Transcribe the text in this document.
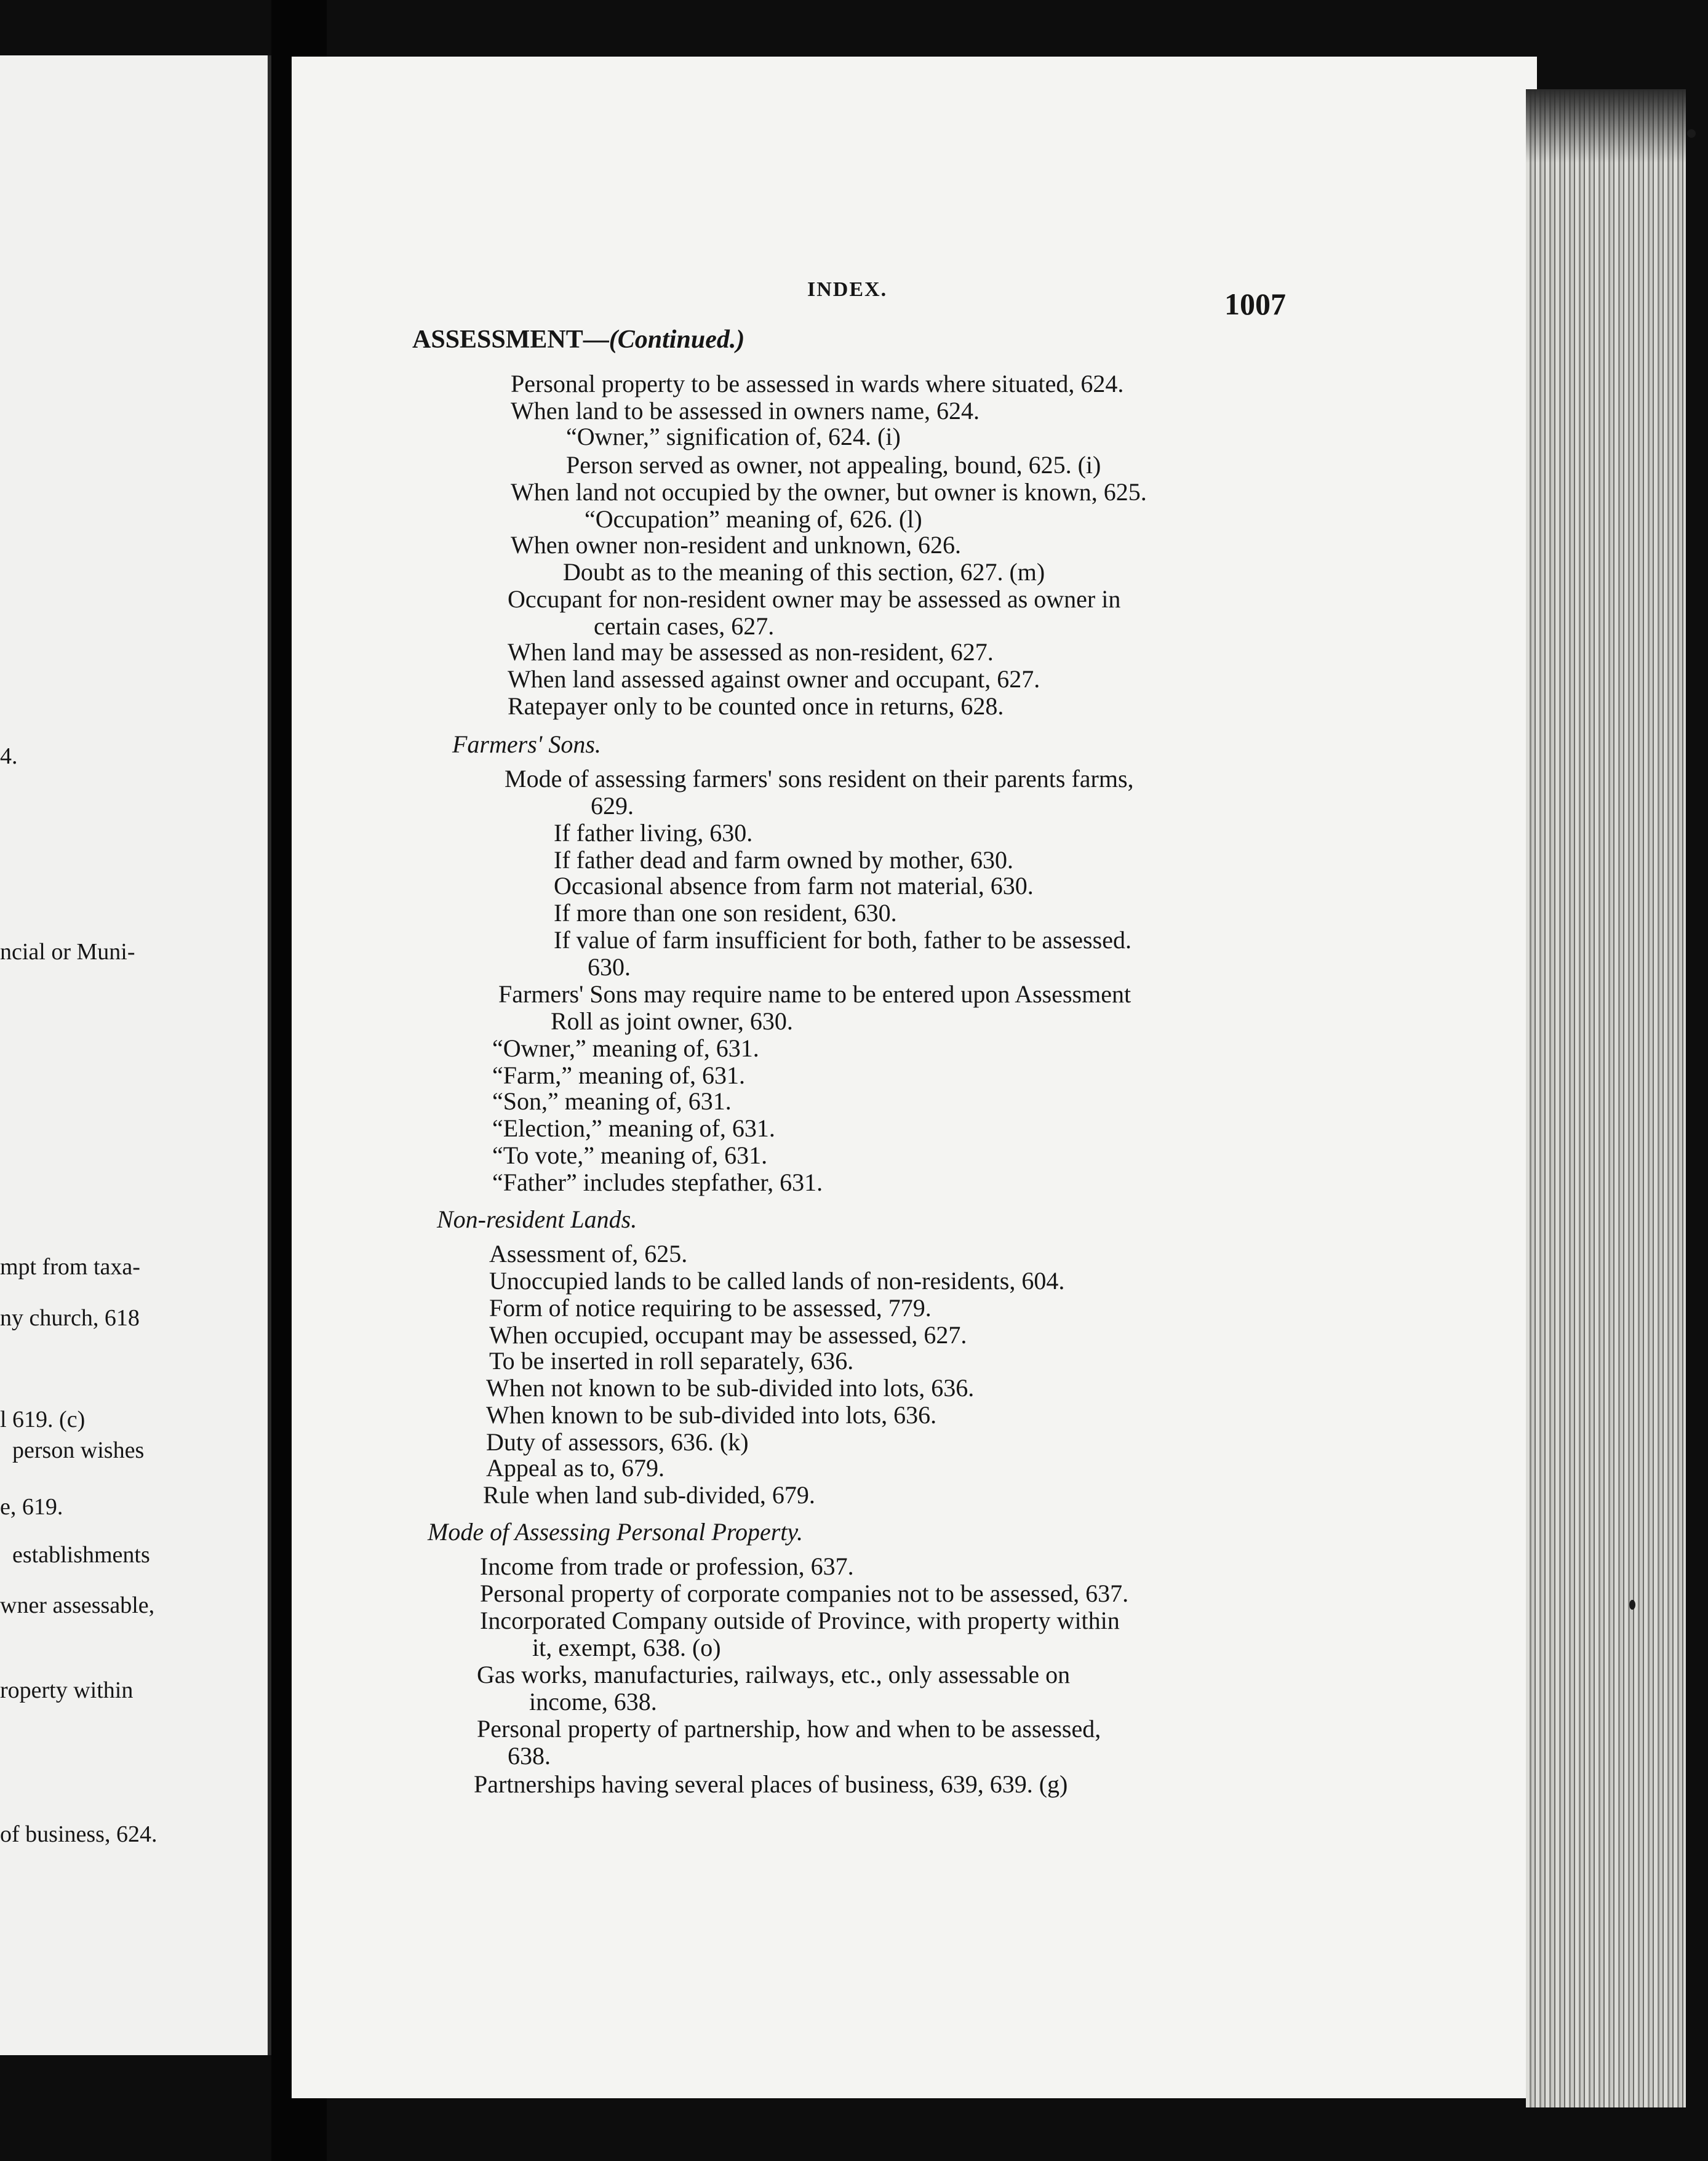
4.
ncial or Muni-
mpt from taxa-
ny church, 618
l 619. (c)
person wishes
e, 619.
establishments
wner assessable,
roperty within
of business, 624.
INDEX.	1007
ASSESSMENT—(Continued.)
Personal property to be assessed in wards where situated, 624.
When land to be assessed in owners name, 624.
“Owner,” signification of, 624. (i)
Person served as owner, not appealing, bound, 625. (i)
When land not occupied by the owner, but owner is known, 625.
“Occupation” meaning of, 626. (l)
When owner non-resident and unknown, 626.
Doubt as to the meaning of this section, 627. (m)
Occupant for non-resident owner may be assessed as owner in
certain cases, 627.
When land may be assessed as non-resident, 627.
When land assessed against owner and occupant, 627.
Ratepayer only to be counted once in returns, 628.
Farmers' Sons.
Mode of assessing farmers' sons resident on their parents farms,
629.
If father living, 630.
If father dead and farm owned by mother, 630.
Occasional absence from farm not material, 630.
If more than one son resident, 630.
If value of farm insufficient for both, father to be assessed.
630.
Farmers' Sons may require name to be entered upon Assessment
Roll as joint owner, 630.
“Owner,” meaning of, 631.
“Farm,” meaning of, 631.
“Son,” meaning of, 631.
“Election,” meaning of, 631.
“To vote,” meaning of, 631.
“Father” includes stepfather, 631.
Non-resident Lands.
Assessment of, 625.
Unoccupied lands to be called lands of non-residents, 604.
Form of notice requiring to be assessed, 779.
When occupied, occupant may be assessed, 627.
To be inserted in roll separately, 636.
When not known to be sub-divided into lots, 636.
When known to be sub-divided into lots, 636.
Duty of assessors, 636. (k)
Appeal as to, 679.
Rule when land sub-divided, 679.
Mode of Assessing Personal Property.
Income from trade or profession, 637.
Personal property of corporate companies not to be assessed, 637.
Incorporated Company outside of Province, with property within
it, exempt, 638. (o)
Gas works, manufacturies, railways, etc., only assessable on
income, 638.
Personal property of partnership, how and when to be assessed,
638.
Partnerships having several places of business, 639, 639. (g)
